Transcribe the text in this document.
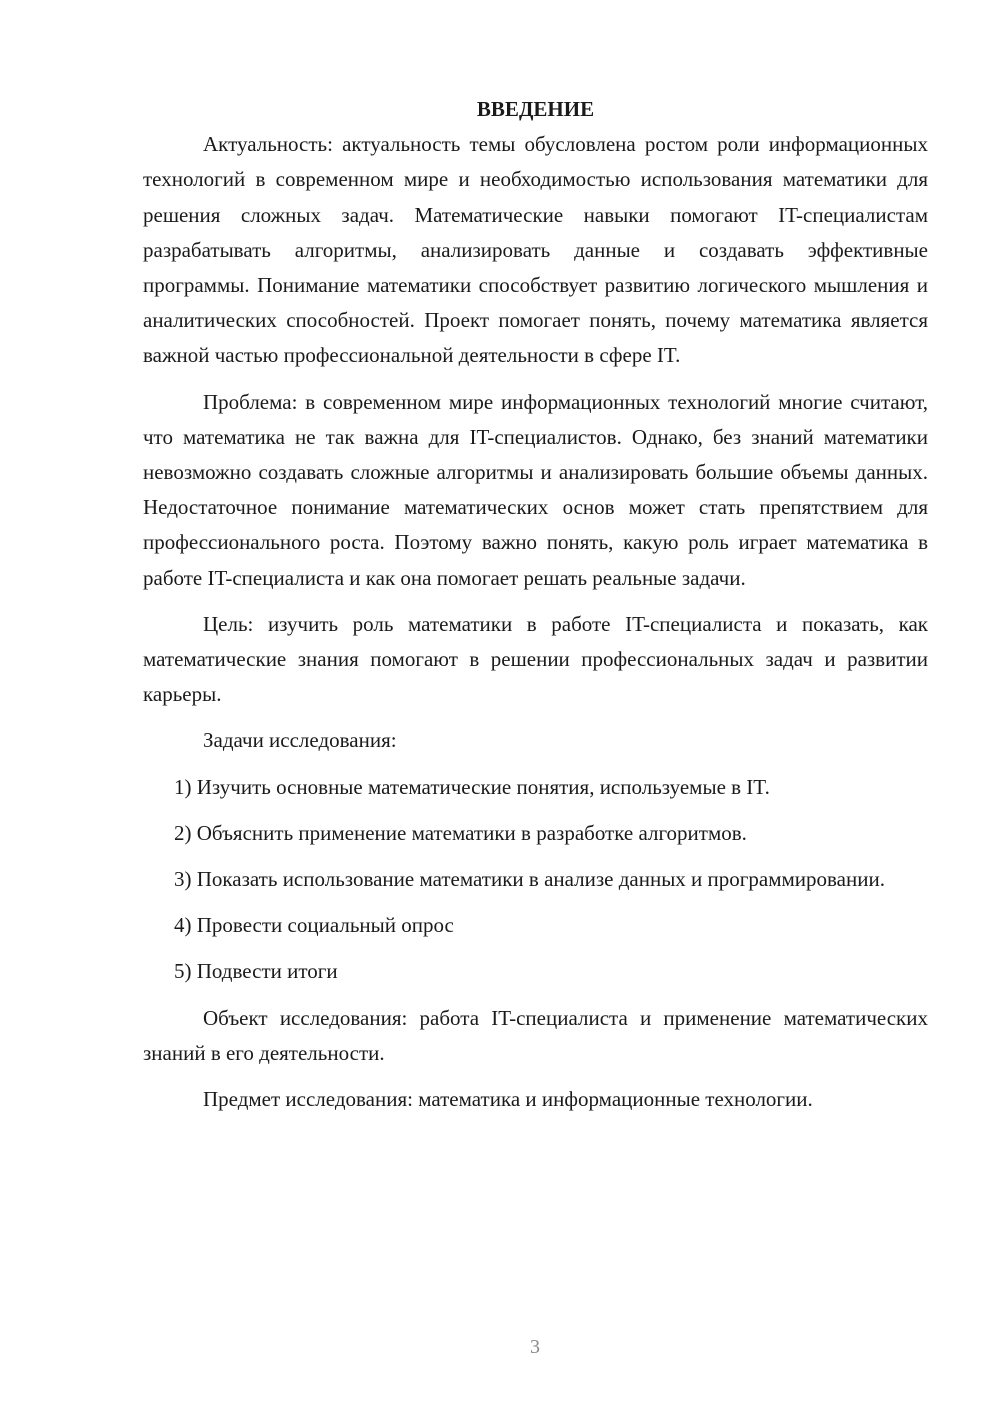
ВВЕДЕНИЕ

Актуальность: актуальность темы обусловлена ростом роли информационных технологий в современном мире и необходимостью использования математики для решения сложных задач. Математические навыки помогают IT-специалистам разрабатывать алгоритмы, анализировать данные и создавать эффективные программы. Понимание математики способствует развитию логического мышления и аналитических способностей. Проект помогает понять, почему математика является важной частью профессиональной деятельности в сфере IT.

Проблема: в современном мире информационных технологий многие считают, что математика не так важна для IT-специалистов. Однако, без знаний математики невозможно создавать сложные алгоритмы и анализировать большие объемы данных. Недостаточное понимание математических основ может стать препятствием для профессионального роста. Поэтому важно понять, какую роль играет математика в работе IT-специалиста и как она помогает решать реальные задачи.

Цель: изучить роль математики в работе IT-специалиста и показать, как математические знания помогают в решении профессиональных задач и развитии карьеры.

Задачи исследования:

1) Изучить основные математические понятия, используемые в IT.

2) Объяснить применение математики в разработке алгоритмов.

3) Показать использование математики в анализе данных и программировании.

4) Провести социальный опрос

5) Подвести итоги

Объект исследования: работа IT-специалиста и применение математических знаний в его деятельности.

Предмет исследования: математика и информационные технологии.

3
